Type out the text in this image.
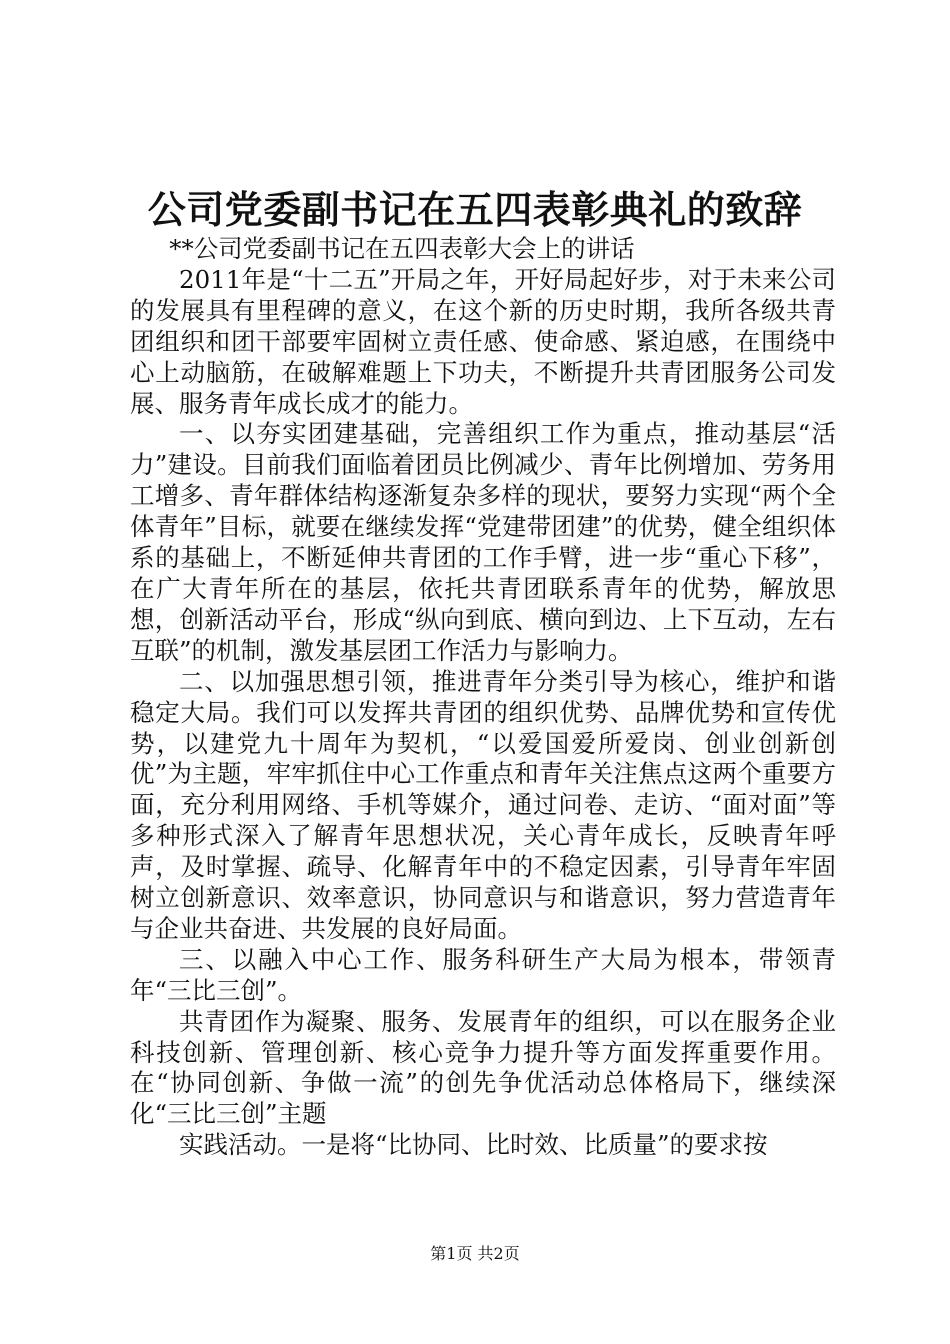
公司党委副书记在五四表彰典礼的致辞

**公司党委副书记在五四表彰大会上的讲话

2011年是“十二五”开局之年，开好局起好步，对于未来公司的发展具有里程碑的意义，在这个新的历史时期，我所各级共青团组织和团干部要牢固树立责任感、使命感、紧迫感，在围绕中心上动脑筋，在破解难题上下功夫，不断提升共青团服务公司发展、服务青年成长成才的能力。

一、以夯实团建基础，完善组织工作为重点，推动基层“活力”建设。目前我们面临着团员比例减少、青年比例增加、劳务用工增多、青年群体结构逐渐复杂多样的现状，要努力实现“两个全体青年”目标，就要在继续发挥“党建带团建”的优势，健全组织体系的基础上，不断延伸共青团的工作手臂，进一步“重心下移”，在广大青年所在的基层，依托共青团联系青年的优势，解放思想，创新活动平台，形成“纵向到底、横向到边、上下互动，左右互联”的机制，激发基层团工作活力与影响力。

二、以加强思想引领，推进青年分类引导为核心，维护和谐稳定大局。我们可以发挥共青团的组织优势、品牌优势和宣传优势，以建党九十周年为契机，“以爱国爱所爱岗、创业创新创优”为主题，牢牢抓住中心工作重点和青年关注焦点这两个重要方面，充分利用网络、手机等媒介，通过问卷、走访、“面对面”等多种形式深入了解青年思想状况，关心青年成长，反映青年呼声，及时掌握、疏导、化解青年中的不稳定因素，引导青年牢固树立创新意识、效率意识，协同意识与和谐意识，努力营造青年与企业共奋进、共发展的良好局面。

三、以融入中心工作、服务科研生产大局为根本，带领青年“三比三创”。

共青团作为凝聚、服务、发展青年的组织，可以在服务企业科技创新、管理创新、核心竞争力提升等方面发挥重要作用。在“协同创新、争做一流”的创先争优活动总体格局下，继续深化“三比三创”主题

实践活动。一是将“比协同、比时效、比质量”的要求按

第1页 共2页
